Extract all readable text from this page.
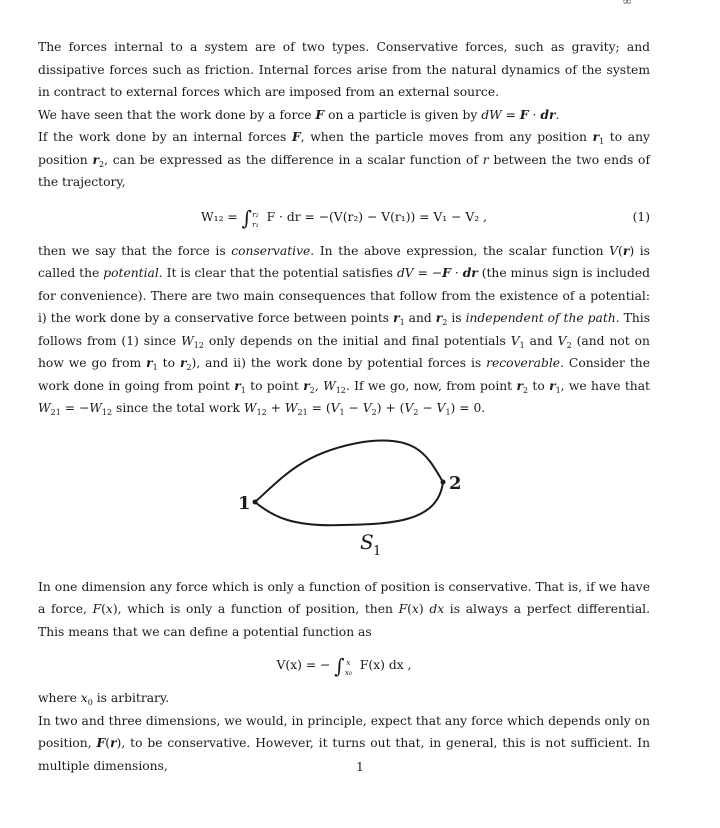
∞

The forces internal to a system are of two types. Conservative forces, such as gravity; and dissipative forces such as friction. Internal forces arise from the natural dynamics of the system in contract to external forces which are imposed from an external source.

We have seen that the work done by a force F on a particle is given by dW = F · dr.

If the work done by an internal forces F, when the particle moves from any position $r_1$ to any position $r_2$, can be expressed as the difference in a scalar function of r between the two ends of the trajectory,

W₁₂ = ∫r₂
r₁ F · dr = −(V(r₂) − V(r₁)) = V₁ − V₂ ,	(1)

then we say that the force is conservative. In the above expression, the scalar function V(r) is called the potential. It is clear that the potential satisfies dV = −F · dr (the minus sign is included for convenience). There are two main consequences that follow from the existence of a potential: i) the work done by a conservative force between points $r_1$ and $r_2$ is independent of the path. This follows from (1) since $W_{12}$ only depends on the initial and final potentials $V_1$ and $V_2$ (and not on how we go from $r_1$ to $r_2$), and ii) the work done by potential forces is recoverable. Consider the work done in going from point $r_1$ to point $r_2$, $W_{12}$. If we go, now, from point $r_2$ to $r_1$, we have that $W_{21} = -W_{12}$ since the total work $W_{12} + W_{21} = (V_1 - V_2) + (V_2 - V_1) = 0$.

1
2
S 1

In one dimension any force which is only a function of position is conservative. That is, if we have a force, F(x), which is only a function of position, then F(x) dx is always a perfect differential. This means that we can define a potential function as

V(x) = − ∫ x
x₀ F(x) dx ,

where $x_0$ is arbitrary.

In two and three dimensions, we would, in principle, expect that any force which depends only on position, F(r), to be conservative. However, it turns out that, in general, this is not sufficient. In multiple dimensions,	1
